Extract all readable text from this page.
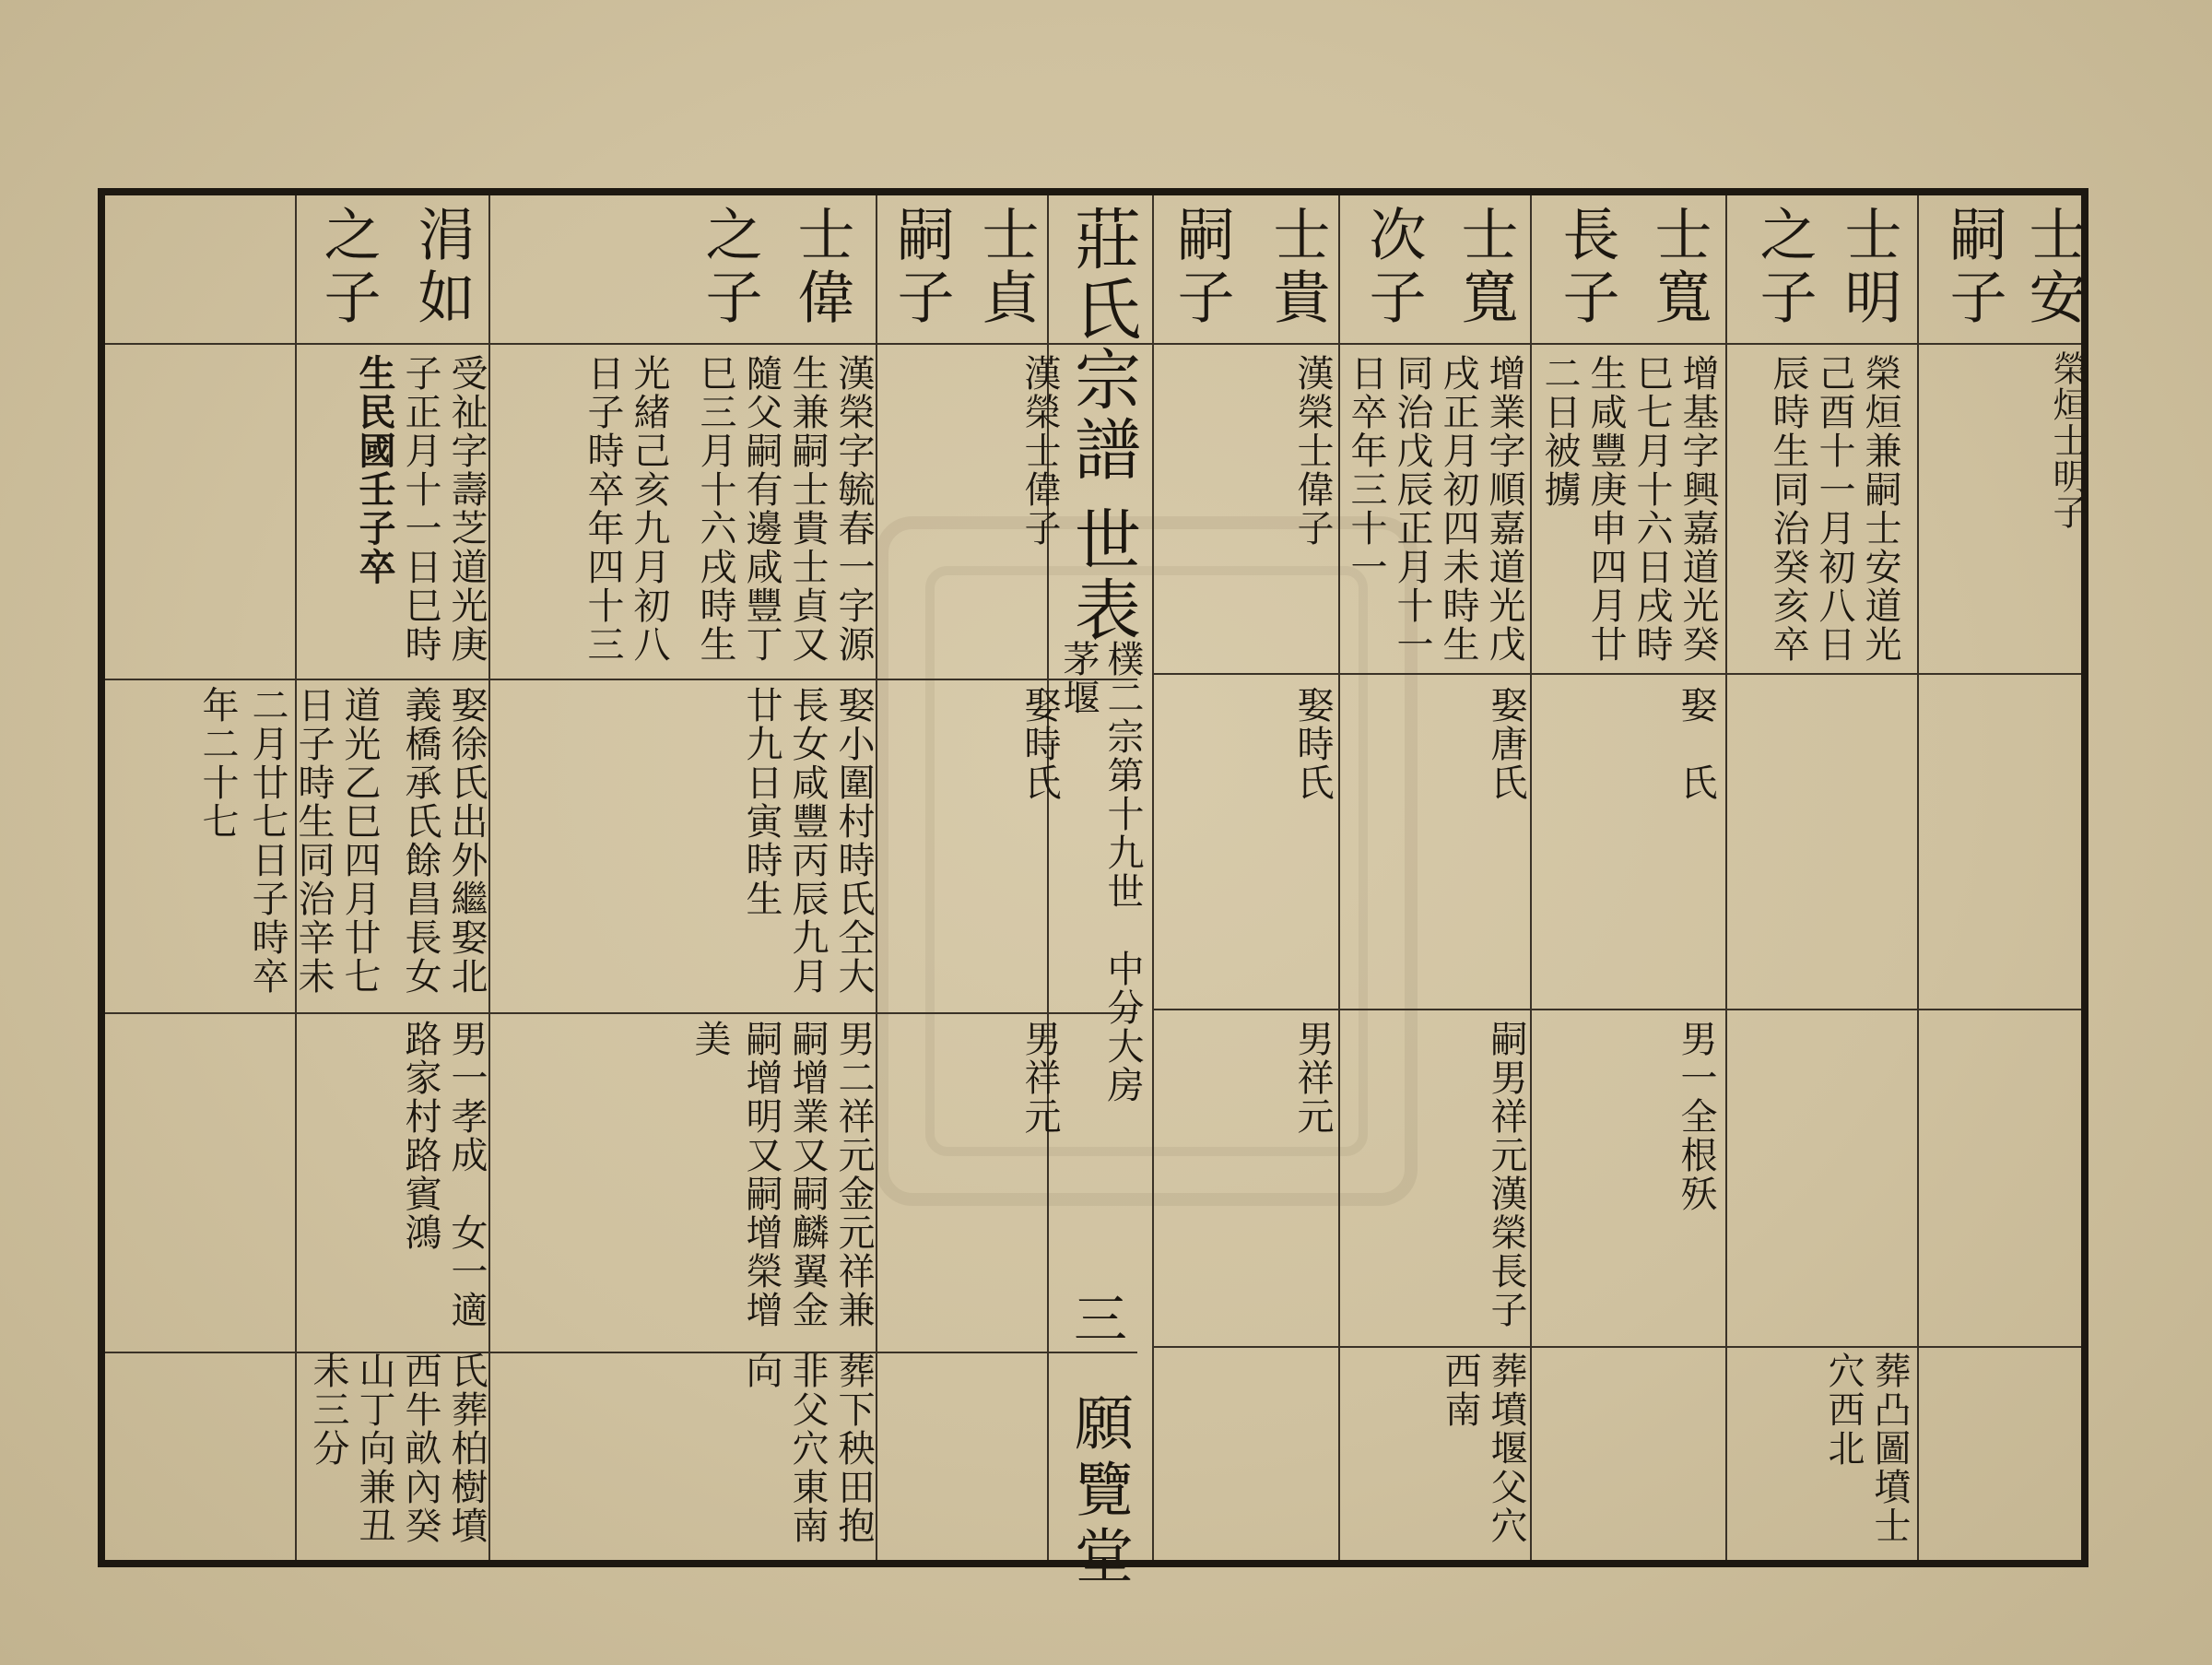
莊氏宗譜
世表
樸二宗第十九世　中分大房
茅堰
三
願覽堂
士安
嗣子
榮烜士明子
士明
之子
榮烜兼嗣士安道光
己酉十一月初八日
辰時生同治癸亥卒
葬凸圖墳士
穴西北
士寬
長子
增基字興嘉道光癸
巳七月十六日戌時
生咸豐庚申四月廿
二日被擄
娶　氏
男一全根殀
士寬
次子
增業字順嘉道光戊
戌正月初四未時生
同治戊辰正月十一
日卒年三十一
娶唐氏
嗣男祥元漢榮長子
葬墳堰父穴
西南
士貴
嗣子
漢榮士偉子
娶時氏
男祥元
士貞
嗣子
漢榮士偉子
娶時氏
男祥元
士偉
之子
漢榮字毓春一字源
生兼嗣士貴士貞又
隨父嗣有邊咸豐丁
巳三月十六戌時生
光緒己亥九月初八
日子時卒年四十三
娶小圍村時氏仝大
長女咸豐丙辰九月
廿九日寅時生
男二祥元金元祥兼
嗣增業又嗣麟翼金
嗣增明又嗣增榮增
美
葬下秧田抱
非父穴東南
向
涓如
之子
受祉字壽芝道光庚
子正月十一日巳時
生民國壬子卒
娶徐氏出外繼娶北
義橋承氏餘昌長女
道光乙巳四月廿七
日子時生同治辛未
二月廿七日子時卒
年二十七
男一孝成　女一適
路家村路賓鴻
氏葬柏樹墳
西牛畝內癸
山丁向兼丑
未三分
